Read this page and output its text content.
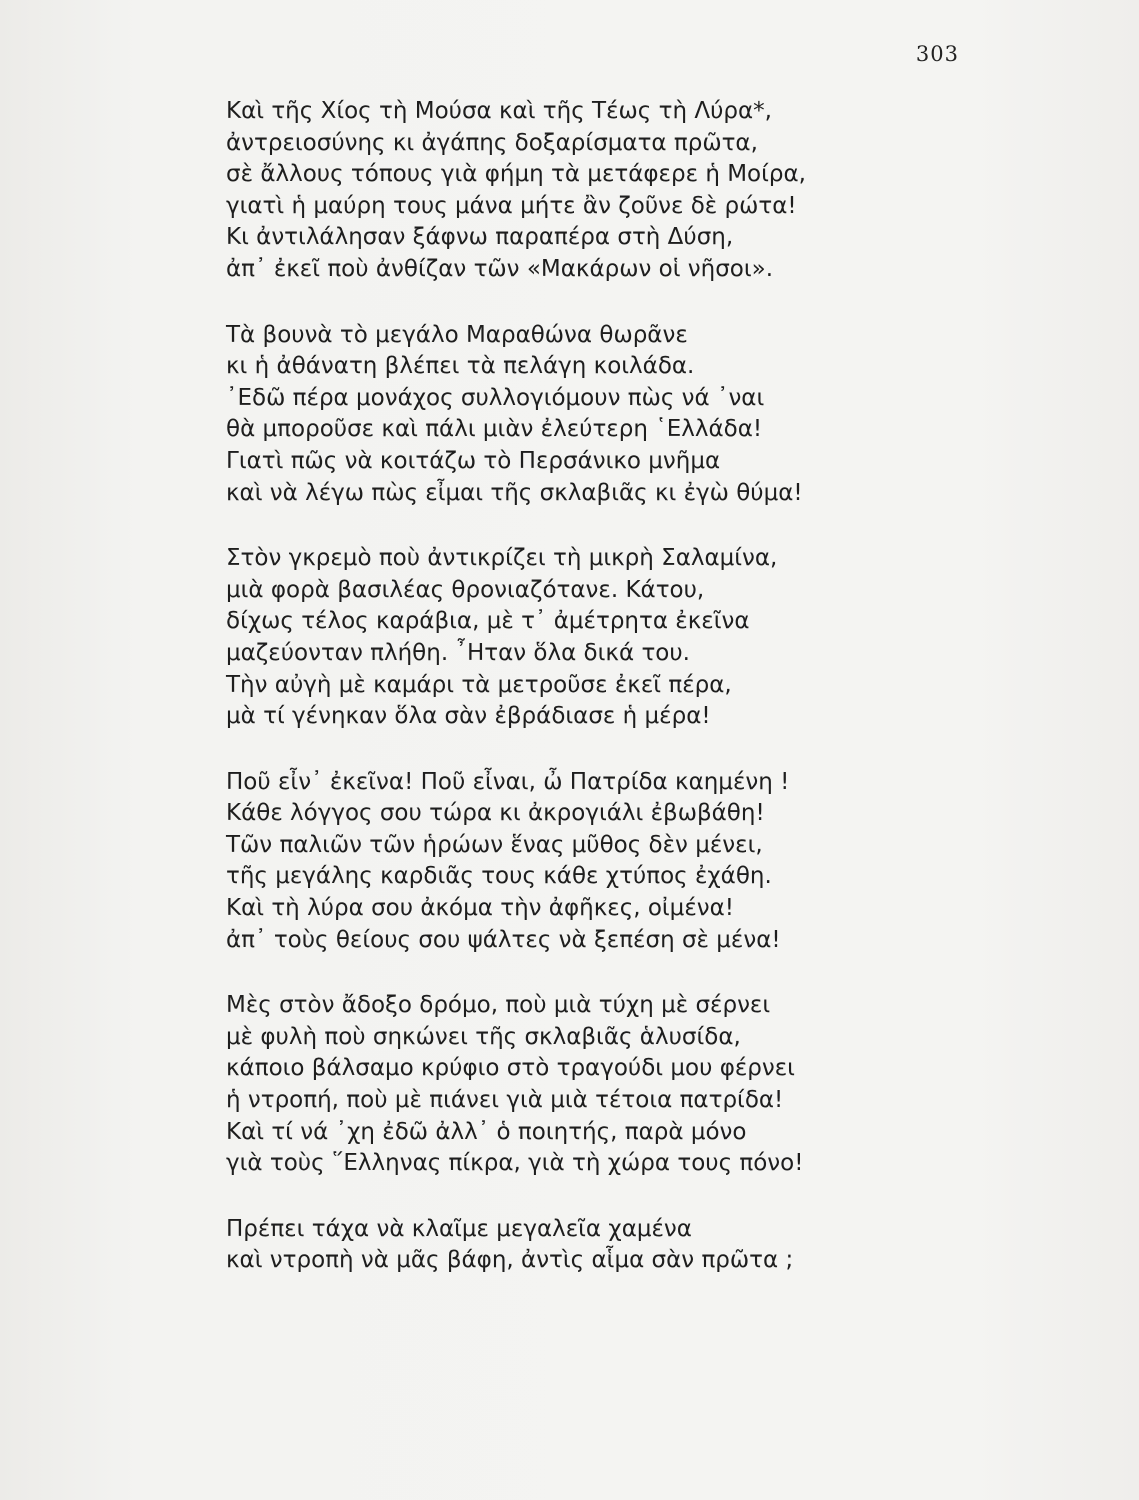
303
Καὶ τῆς Χίος τὴ Μούσα καὶ τῆς Τέως τὴ Λύρα*,
ἀντρειοσύνης κι ἀγάπης δοξαρίσματα πρῶτα,
σὲ ἄλλους τόπους γιὰ φήμη τὰ μετάφερε ἡ Μοίρα,
γιατὶ ἡ μαύρη τους μάνα μήτε ἂν ζοῦνε δὲ ρώτα!
Κι ἀντιλάλησαν ξάφνω παραπέρα στὴ Δύση,
ἀπ᾿ ἐκεῖ ποὺ ἀνθίζαν τῶν «Μακάρων οἱ νῆσοι».
Τὰ βουνὰ τὸ μεγάλο Μαραθώνα θωρᾶνε
κι ἡ ἀθάνατη βλέπει τὰ πελάγη κοιλάδα.
᾿Εδῶ πέρα μονάχος συλλογιόμουν πὼς νά ᾿ναι
θὰ μποροῦσε καὶ πάλι μιὰν ἐλεύτερη ῾Ελλάδα!
Γιατὶ πῶς νὰ κοιτάζω τὸ Περσάνικο μνῆμα
καὶ νὰ λέγω πὼς εἶμαι τῆς σκλαβιᾶς κι ἐγὼ θύμα!
Στὸν γκρεμὸ ποὺ ἀντικρίζει τὴ μικρὴ Σαλαμίνα,
μιὰ φορὰ βασιλέας θρονιαζότανε. Κάτου,
δίχως τέλος καράβια, μὲ τ᾿ ἀμέτρητα ἐκεῖνα
μαζεύονταν πλήθη. ῏Ηταν ὅλα δικά του.
Τὴν αὐγὴ μὲ καμάρι τὰ μετροῦσε ἐκεῖ πέρα,
μὰ τί γένηκαν ὅλα σὰν ἐβράδιασε ἡ μέρα!
Ποῦ εἶν᾿ ἐκεῖνα! Ποῦ εἶναι, ὦ Πατρίδα καημένη !
Κάθε λόγγος σου τώρα κι ἀκρογιάλι ἐβωβάθη!
Τῶν παλιῶν τῶν ἡρώων ἕνας μῦθος δὲν μένει,
τῆς μεγάλης καρδιᾶς τους κάθε χτύπος ἐχάθη.
Καὶ τὴ λύρα σου ἀκόμα τὴν ἀφῆκες, οἰμένα!
ἀπ᾿ τοὺς θείους σου ψάλτες νὰ ξεπέση σὲ μένα!
Μὲς στὸν ἄδοξο δρόμο, ποὺ μιὰ τύχη μὲ σέρνει
μὲ φυλὴ ποὺ σηκώνει τῆς σκλαβιᾶς ἁλυσίδα,
κάποιο βάλσαμο κρύφιο στὸ τραγούδι μου φέρνει
ἡ ντροπή, ποὺ μὲ πιάνει γιὰ μιὰ τέτοια πατρίδα!
Καὶ τί νά ᾿χη ἐδῶ ἀλλ᾿ ὁ ποιητής, παρὰ μόνο
γιὰ τοὺς ῞Ελληνας πίκρα, γιὰ τὴ χώρα τους πόνο!
Πρέπει τάχα νὰ κλαῖμε μεγαλεῖα χαμένα
καὶ ντροπὴ νὰ μᾶς βάφη, ἀντὶς αἷμα σὰν πρῶτα ;
